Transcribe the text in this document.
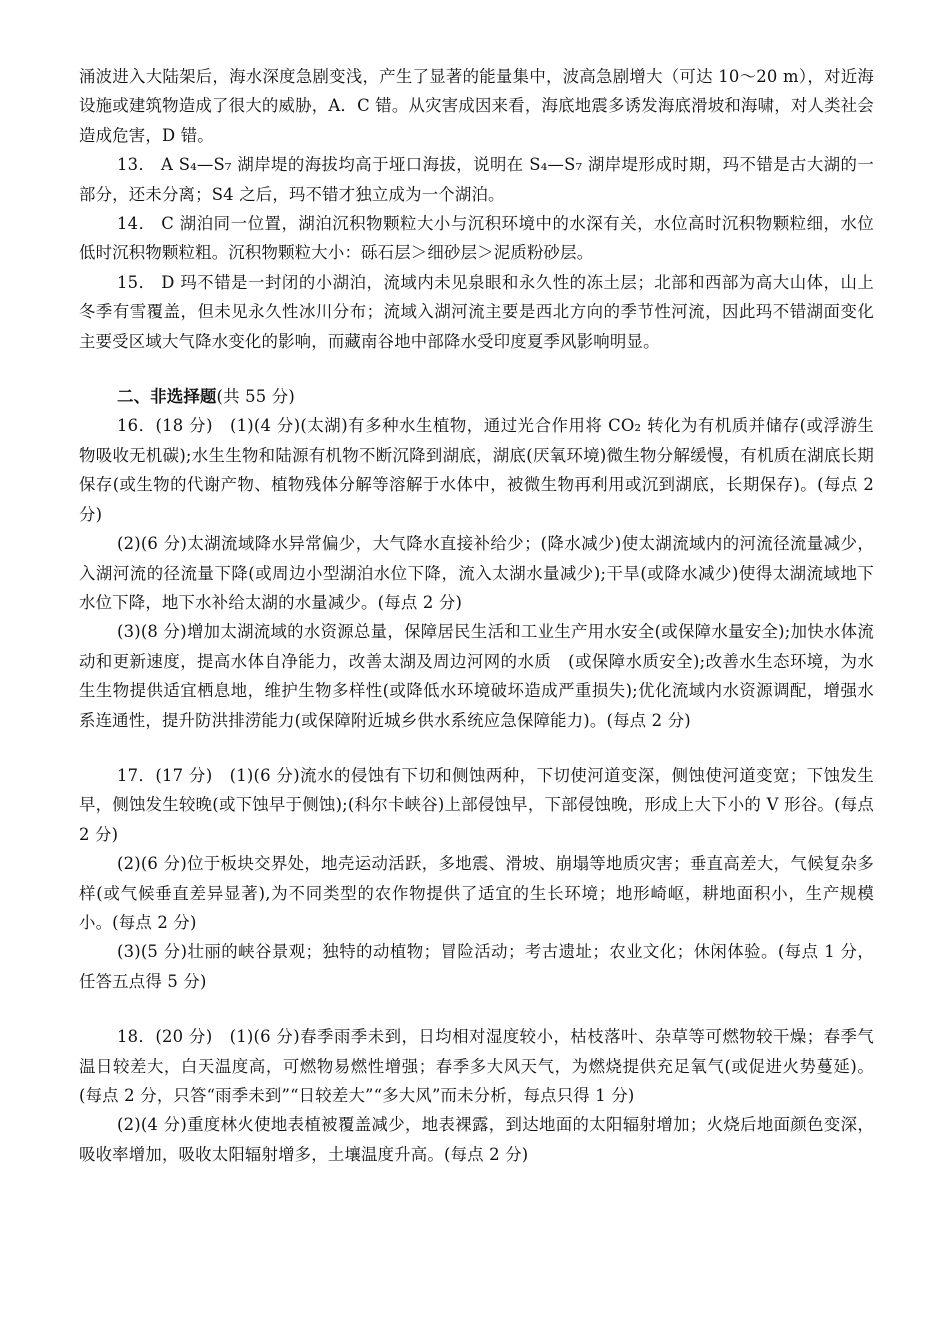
涌波进入大陆架后，海水深度急剧变浅，产生了显著的能量集中，波高急剧增大（可达 10～20 m），对近海设施或建筑物造成了很大的威胁，A．C 错。从灾害成因来看，海底地震多诱发海底滑坡和海啸，对人类社会造成危害，D 错。

13． A S₄—S₇ 湖岸堤的海拔均高于垭口海拔，说明在 S₄—S₇ 湖岸堤形成时期，玛不错是古大湖的一部分，还未分离；S4 之后，玛不错才独立成为一个湖泊。

14． C 湖泊同一位置，湖泊沉积物颗粒大小与沉积环境中的水深有关，水位高时沉积物颗粒细，水位低时沉积物颗粒粗。沉积物颗粒大小：砾石层＞细砂层＞泥质粉砂层。

15． D 玛不错是一封闭的小湖泊，流域内未见泉眼和永久性的冻土层；北部和西部为高大山体，山上冬季有雪覆盖，但未见永久性冰川分布；流域入湖河流主要是西北方向的季节性河流，因此玛不错湖面变化主要受区域大气降水变化的影响，而藏南谷地中部降水受印度夏季风影响明显。

二、非选择题(共 55 分)

16．(18 分)　(1)(4 分)(太湖)有多种水生植物，通过光合作用将 CO₂ 转化为有机质并储存(或浮游生物吸收无机碳);水生生物和陆源有机物不断沉降到湖底，湖底(厌氧环境)微生物分解缓慢，有机质在湖底长期保存(或生物的代谢产物、植物残体分解等溶解于水体中，被微生物再利用或沉到湖底，长期保存)。(每点 2 分)

(2)(6 分)太湖流域降水异常偏少，大气降水直接补给少；(降水减少)使太湖流域内的河流径流量减少，入湖河流的径流量下降(或周边小型湖泊水位下降，流入太湖水量减少);干旱(或降水减少)使得太湖流域地下水位下降，地下水补给太湖的水量减少。(每点 2 分)

(3)(8 分)增加太湖流域的水资源总量，保障居民生活和工业生产用水安全(或保障水量安全);加快水体流动和更新速度，提高水体自净能力，改善太湖及周边河网的水质　(或保障水质安全);改善水生态环境，为水生生物提供适宜栖息地，维护生物多样性(或降低水环境破坏造成严重损失);优化流域内水资源调配，增强水系连通性，提升防洪排涝能力(或保障附近城乡供水系统应急保障能力)。(每点 2 分)

17．(17 分)　(1)(6 分)流水的侵蚀有下切和侧蚀两种，下切使河道变深，侧蚀使河道变宽；下蚀发生早，侧蚀发生较晚(或下蚀早于侧蚀);(科尔卡峡谷)上部侵蚀早，下部侵蚀晚，形成上大下小的 V 形谷。(每点 2 分)

(2)(6 分)位于板块交界处，地壳运动活跃，多地震、滑坡、崩塌等地质灾害；垂直高差大，气候复杂多样(或气候垂直差异显著),为不同类型的农作物提供了适宜的生长环境；地形崎岖，耕地面积小，生产规模小。(每点 2 分)

(3)(5 分)壮丽的峡谷景观；独特的动植物；冒险活动；考古遗址；农业文化；休闲体验。(每点 1 分，任答五点得 5 分)

18．(20 分)　(1)(6 分)春季雨季未到，日均相对湿度较小，枯枝落叶、杂草等可燃物较干燥；春季气温日较差大，白天温度高，可燃物易燃性增强；春季多大风天气，为燃烧提供充足氧气(或促进火势蔓延)。(每点 2 分，只答“雨季未到”“日较差大”“多大风”而未分析，每点只得 1 分)

(2)(4 分)重度林火使地表植被覆盖减少，地表裸露，到达地面的太阳辐射增加；火烧后地面颜色变深，吸收率增加，吸收太阳辐射增多，土壤温度升高。(每点 2 分)
